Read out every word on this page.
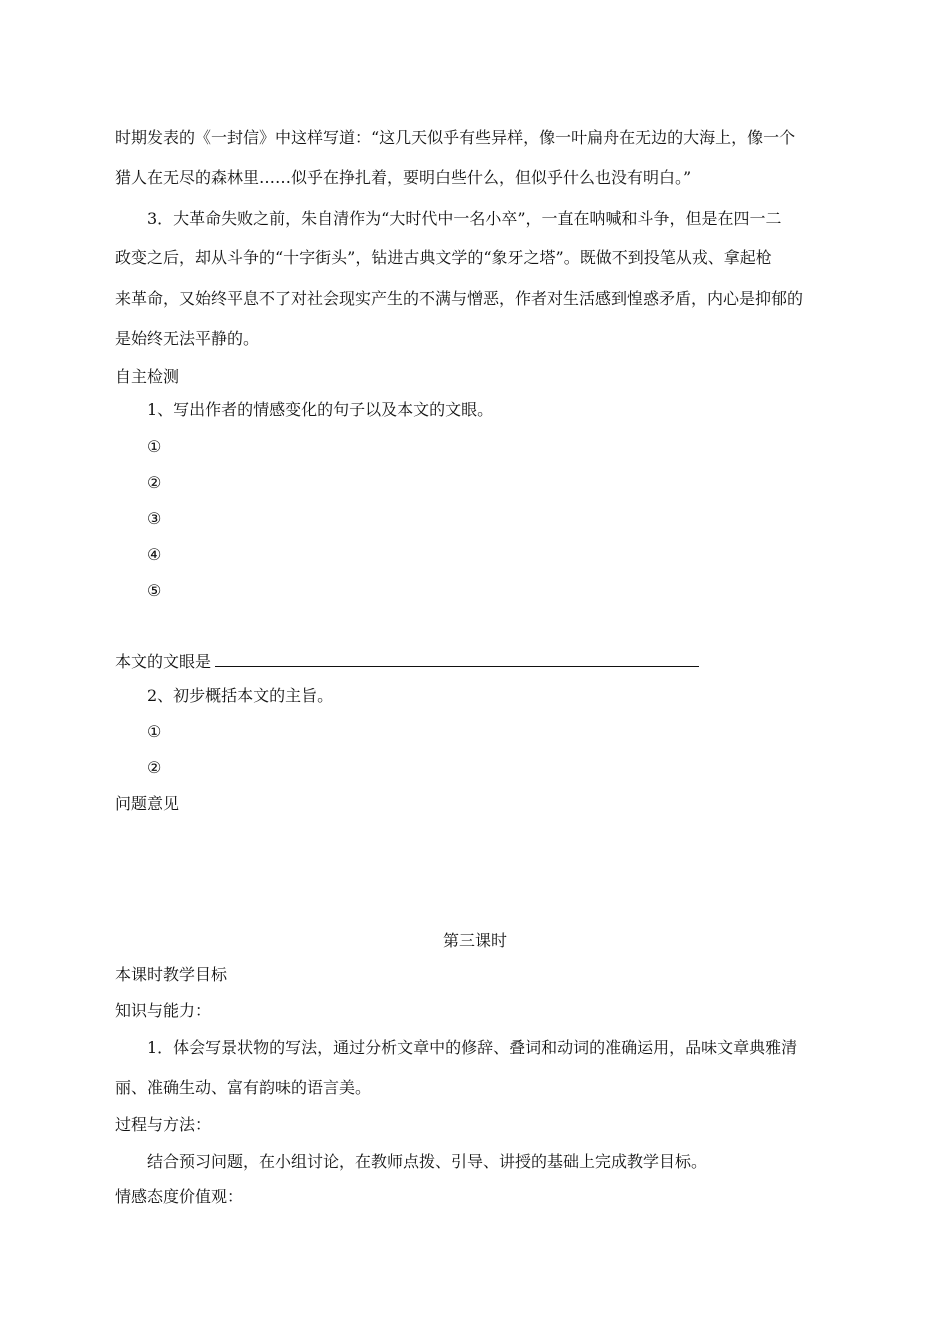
时期发表的《一封信》中这样写道：“这几天似乎有些异样，像一叶扁舟在无边的大海上，像一个
猎人在无尽的森林里……似乎在挣扎着，要明白些什么，但似乎什么也没有明白。”
3．大革命失败之前，朱自清作为“大时代中一名小卒”，一直在呐喊和斗争，但是在四一二
政变之后，却从斗争的“十字街头”，钻进古典文学的“象牙之塔”。既做不到投笔从戎、拿起枪
来革命，又始终平息不了对社会现实产生的不满与憎恶，作者对生活感到惶惑矛盾，内心是抑郁的
是始终无法平静的。
自主检测
1、写出作者的情感变化的句子以及本文的文眼。
①
②
③
④
⑤
本文的文眼是
2、初步概括本文的主旨。
①
②
问题意见
第三课时
本课时教学目标
知识与能力：
1．体会写景状物的写法，通过分析文章中的修辞、叠词和动词的准确运用，品味文章典雅清
丽、准确生动、富有韵味的语言美。
过程与方法：
结合预习问题，在小组讨论，在教师点拨、引导、讲授的基础上完成教学目标。
情感态度价值观：
